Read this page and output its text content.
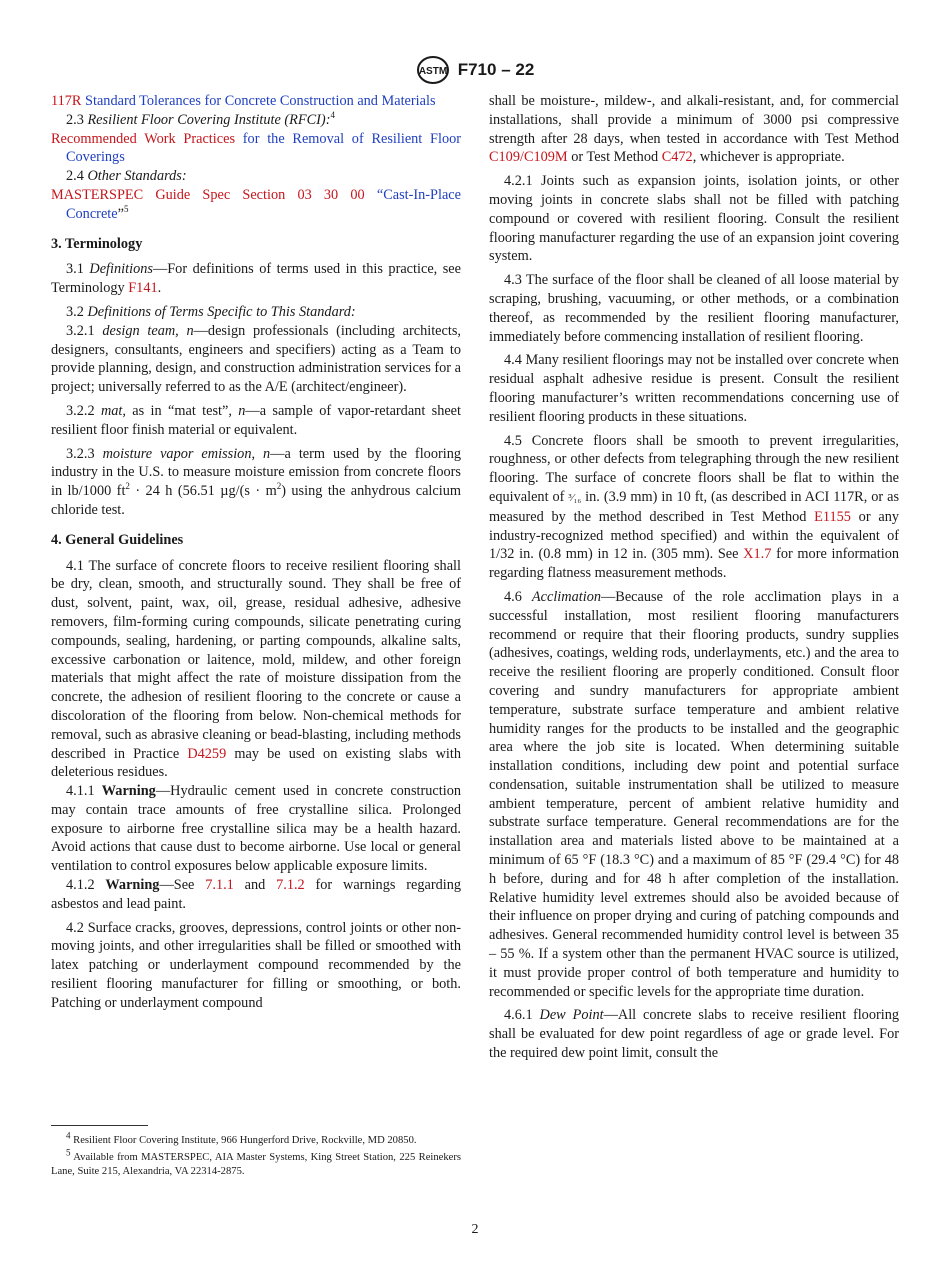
ASTM F710 – 22

117R Standard Tolerances for Concrete Construction and Materials

2.3 Resilient Floor Covering Institute (RFCI):$^4$

Recommended Work Practices for the Removal of Resilient Floor Coverings

2.4 Other Standards:

MASTERSPEC Guide Spec Section 03 30 00 “Cast-In-Place Concrete”$^5$

3. Terminology

3.1 Definitions—For definitions of terms used in this practice, see Terminology F141.

3.2 Definitions of Terms Specific to This Standard:

3.2.1 design team, n—design professionals (including architects, designers, consultants, engineers and specifiers) acting as a Team to provide planning, design, and construction administration services for a project; universally referred to as the A/E (architect/engineer).

3.2.2 mat, as in “mat test”, n—a sample of vapor-retardant sheet resilient floor finish material or equivalent.

3.2.3 moisture vapor emission, n—a term used by the flooring industry in the U.S. to measure moisture emission from concrete floors in lb/1000 $ft^2 \cdot 24$ h (56.51 $\mu g/(s \cdot m^2)$ using the anhydrous calcium chloride test.

4. General Guidelines

4.1 The surface of concrete floors to receive resilient flooring shall be dry, clean, smooth, and structurally sound. They shall be free of dust, solvent, paint, wax, oil, grease, residual adhesive, adhesive removers, film-forming curing compounds, silicate penetrating curing compounds, sealing, hardening, or parting compounds, alkaline salts, excessive carbonation or laitence, mold, mildew, and other foreign materials that might affect the rate of moisture dissipation from the concrete, the adhesion of resilient flooring to the concrete or cause a discoloration of the flooring from below. Non-chemical methods for removal, such as abrasive cleaning or bead-blasting, including methods described in Practice D4259 may be used on existing slabs with deleterious residues.

4.1.1 Warning—Hydraulic cement used in concrete construction may contain trace amounts of free crystalline silica. Prolonged exposure to airborne free crystalline silica may be a health hazard. Avoid actions that cause dust to become airborne. Use local or general ventilation to control exposures below applicable exposure limits.

4.1.2 Warning—See 7.1.1 and 7.1.2 for warnings regarding asbestos and lead paint.

4.2 Surface cracks, grooves, depressions, control joints or other non-moving joints, and other irregularities shall be filled or smoothed with latex patching or underlayment compound recommended by the resilient flooring manufacturer for filling or smoothing, or both. Patching or underlayment compound

shall be moisture-, mildew-, and alkali-resistant, and, for commercial installations, shall provide a minimum of 3000 psi compressive strength after 28 days, when tested in accordance with Test Method C109/C109M or Test Method C472, whichever is appropriate.

4.2.1 Joints such as expansion joints, isolation joints, or other moving joints in concrete slabs shall not be filled with patching compound or covered with resilient flooring. Consult the resilient flooring manufacturer regarding the use of an expansion joint covering system.

4.3 The surface of the floor shall be cleaned of all loose material by scraping, brushing, vacuuming, or other methods, or a combination thereof, as recommended by the resilient flooring manufacturer, immediately before commencing installation of resilient flooring.

4.4 Many resilient floorings may not be installed over concrete when residual asphalt adhesive residue is present. Consult the resilient flooring manufacturer’s written recommendations concerning use of resilient flooring products in these situations.

4.5 Concrete floors shall be smooth to prevent irregularities, roughness, or other defects from telegraphing through the new resilient flooring. The surface of concrete floors shall be flat to within the equivalent of ³⁄₁₆ in. (3.9 mm) in 10 ft, (as described in ACI 117R, or as measured by the method described in Test Method E1155 or any industry-recognized method specified) and within the equivalent of 1/32 in. (0.8 mm) in 12 in. (305 mm). See X1.7 for more information regarding flatness measurement methods.

4.6 Acclimation—Because of the role acclimation plays in a successful installation, most resilient flooring manufacturers recommend or require that their flooring products, sundry supplies (adhesives, coatings, welding rods, underlayments, etc.) and the area to receive the resilient flooring are properly conditioned. Consult floor covering and sundry manufacturers for appropriate ambient temperature, substrate surface temperature and ambient relative humidity ranges for the products to be installed and the geographic area where the job site is located. When determining suitable installation conditions, including dew point and potential surface condensation, suitable instrumentation shall be utilized to measure ambient temperature, percent of ambient relative humidity and substrate surface temperature. General recommendations are for the installation area and materials listed above to be maintained at a minimum of 65 °F (18.3 °C) and a maximum of 85 °F (29.4 °C) for 48 h before, during and for 48 h after completion of the installation. Relative humidity level extremes should also be avoided because of their influence on proper drying and curing of patching compounds and adhesives. General recommended humidity control level is between 35 – 55 %. If a system other than the permanent HVAC source is utilized, it must provide proper control of both temperature and humidity to recommended or specific levels for the appropriate time duration.

4.6.1 Dew Point—All concrete slabs to receive resilient flooring shall be evaluated for dew point regardless of age or grade level. For the required dew point limit, consult the

$^4$ Resilient Floor Covering Institute, 966 Hungerford Drive, Rockville, MD 20850.

$^5$ Available from MASTERSPEC, AIA Master Systems, King Street Station, 225 Reinekers Lane, Suite 215, Alexandria, VA 22314-2875.

2
